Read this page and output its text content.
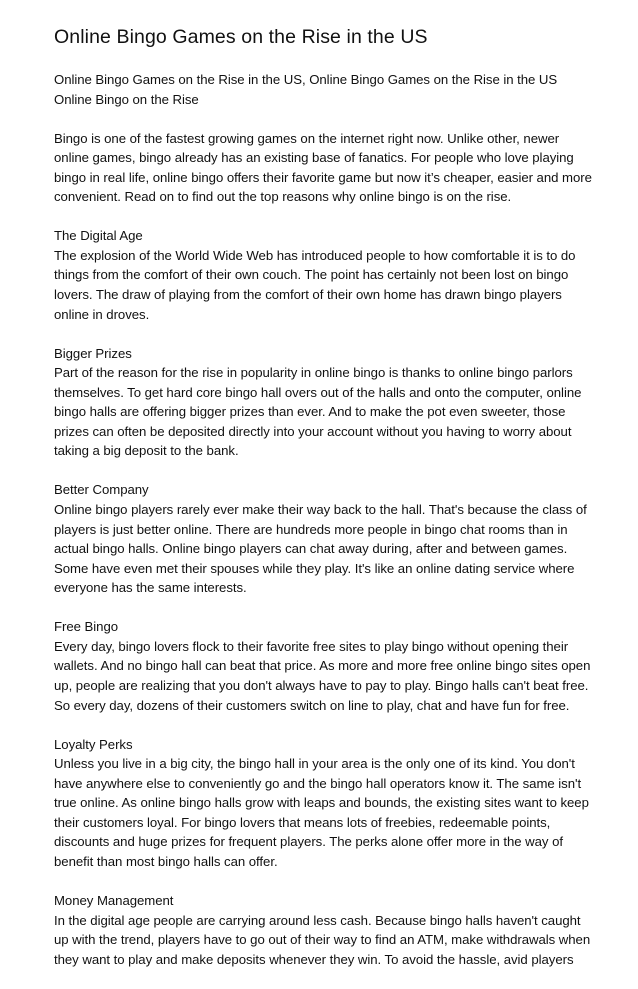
Online Bingo Games on the Rise in the US

Online Bingo Games on the Rise in the US, Online Bingo Games on the Rise in the US
Online Bingo on the Rise

Bingo is one of the fastest growing games on the internet right now. Unlike other, newer
online games, bingo already has an existing base of fanatics. For people who love playing
bingo in real life, online bingo offers their favorite game but now it’s cheaper, easier and more
convenient. Read on to find out the top reasons why online bingo is on the rise.

The Digital Age
The explosion of the World Wide Web has introduced people to how comfortable it is to do
things from the comfort of their own couch. The point has certainly not been lost on bingo
lovers. The draw of playing from the comfort of their own home has drawn bingo players
online in droves.

Bigger Prizes
Part of the reason for the rise in popularity in online bingo is thanks to online bingo parlors
themselves. To get hard core bingo hall overs out of the halls and onto the computer, online
bingo halls are offering bigger prizes than ever. And to make the pot even sweeter, those
prizes can often be deposited directly into your account without you having to worry about
taking a big deposit to the bank.

Better Company
Online bingo players rarely ever make their way back to the hall. That's because the class of
players is just better online. There are hundreds more people in bingo chat rooms than in
actual bingo halls. Online bingo players can chat away during, after and between games.
Some have even met their spouses while they play. It's like an online dating service where
everyone has the same interests.

Free Bingo
Every day, bingo lovers flock to their favorite free sites to play bingo without opening their
wallets. And no bingo hall can beat that price. As more and more free online bingo sites open
up, people are realizing that you don't always have to pay to play. Bingo halls can't beat free.
So every day, dozens of their customers switch on line to play, chat and have fun for free.

Loyalty Perks
Unless you live in a big city, the bingo hall in your area is the only one of its kind. You don't
have anywhere else to conveniently go and the bingo hall operators know it. The same isn't
true online. As online bingo halls grow with leaps and bounds, the existing sites want to keep
their customers loyal. For bingo lovers that means lots of freebies, redeemable points,
discounts and huge prizes for frequent players. The perks alone offer more in the way of
benefit than most bingo halls can offer.

Money Management
In the digital age people are carrying around less cash. Because bingo halls haven't caught
up with the trend, players have to go out of their way to find an ATM, make withdrawals when
they want to play and make deposits whenever they win. To avoid the hassle, avid players
